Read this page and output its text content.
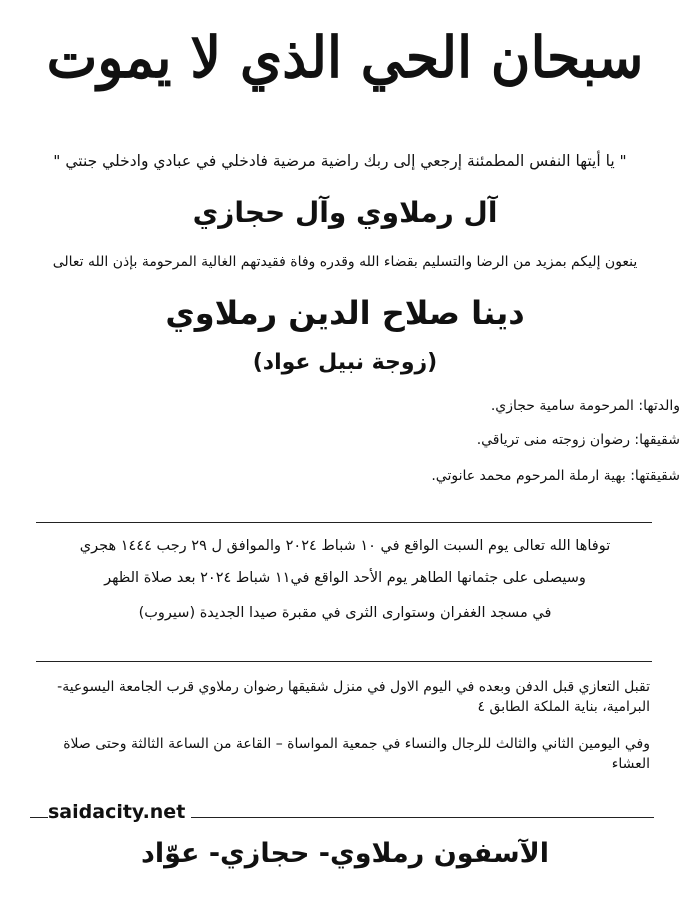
سبحان الحي الذي لا يموت
" يا أيتها النفس المطمئنة إرجعي إلى ربك راضية مرضية فادخلي في عبادي وادخلي جنتي "
آل رملاوي وآل حجازي
ينعون إليكم بمزيد من الرضا والتسليم بقضاء الله وقدره وفاة فقيدتهم الغالية المرحومة بإذن الله تعالى
دينا صلاح الدين رملاوي
(زوجة نبيل عواد)
والدتها: المرحومة سامية حجازي.
شقيقها: رضوان زوجته منى ترياقي.
شقيقتها: بهية ارملة المرحوم محمد عانوتي.
توفاها الله تعالى يوم السبت الواقع في ١٠ شباط ٢٠٢٤ والموافق ل ٢٩ رجب ١٤٤٤ هجري
وسيصلى على جثمانها الطاهر يوم الأحد الواقع في١١ شباط ٢٠٢٤ بعد صلاة الظهر
في مسجد الغفران وستوارى الثرى في مقبرة صيدا الجديدة (سيروب)
تقبل التعازي قبل الدفن وبعده في اليوم الاول في منزل شقيقها رضوان رملاوي قرب الجامعة اليسوعية- البرامية، بناية الملكة الطابق ٤
وفي اليومين الثاني والثالث للرجال والنساء في جمعية المواساة – القاعة من الساعة الثالثة وحتى صلاة العشاء
saidacity.net
الآسفون رملاوي- حجازي- عوّاد
